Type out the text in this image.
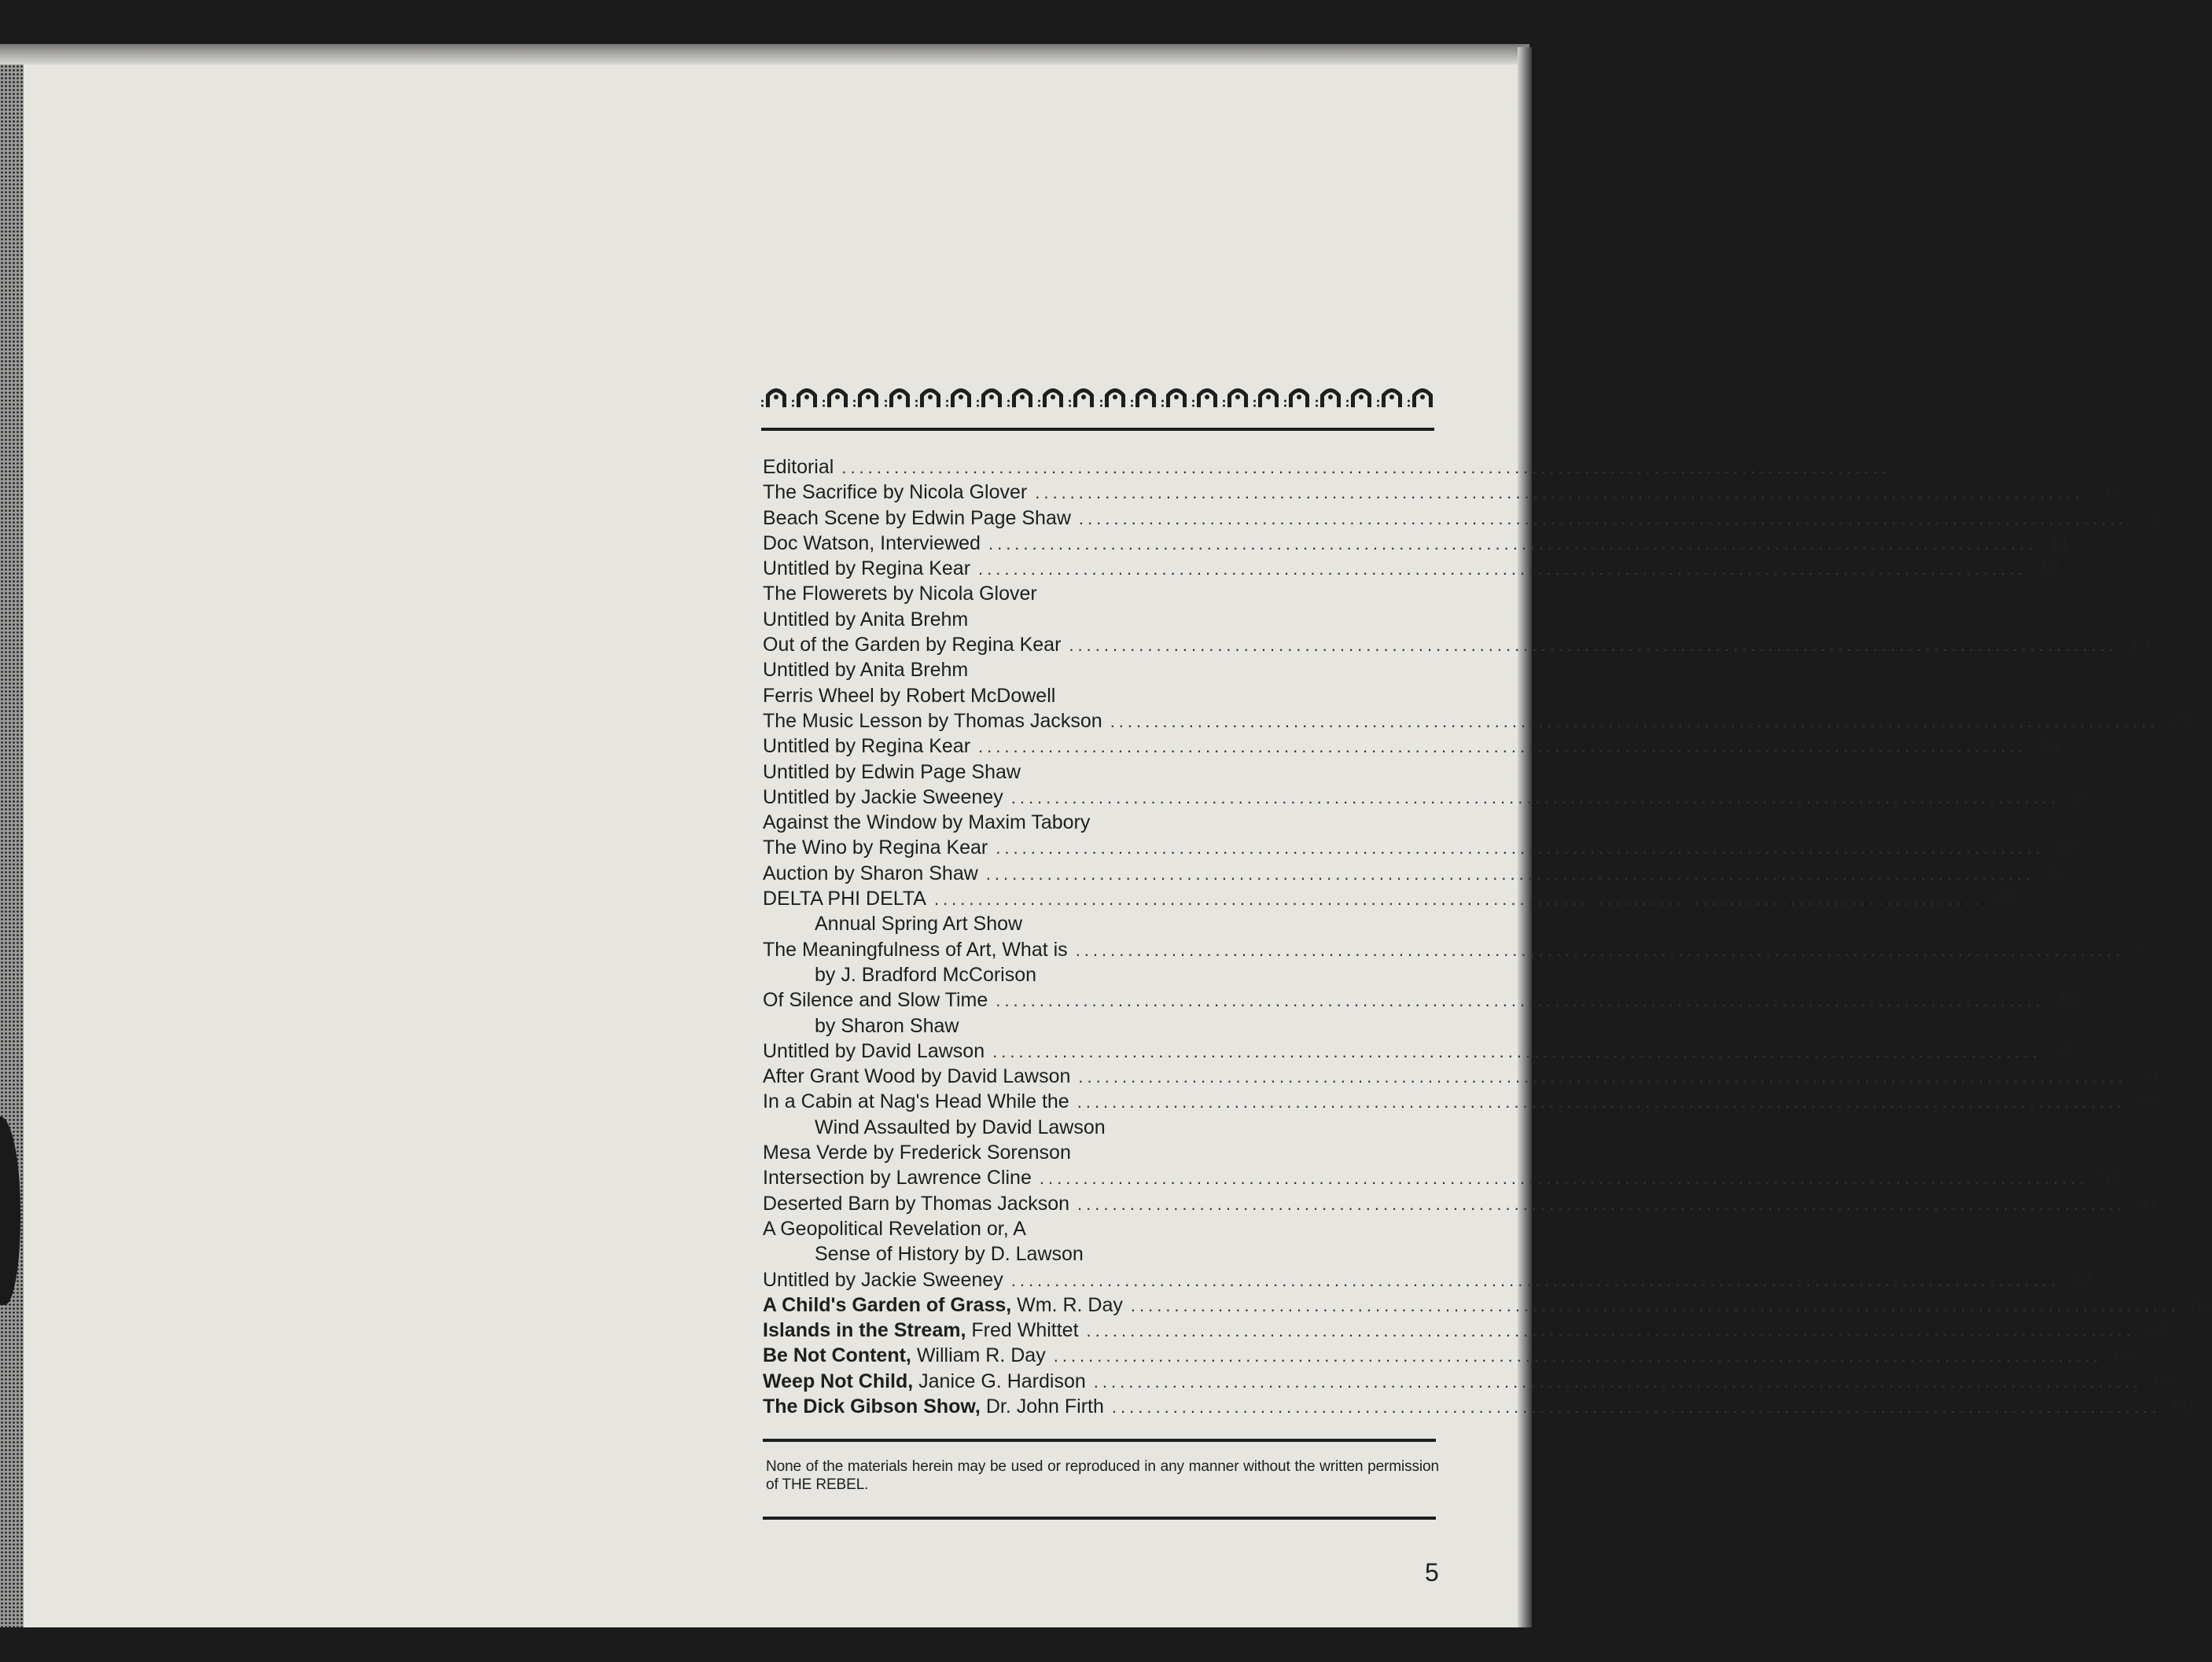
Editorial ........................................................................................................................	7
The Sacrifice by Nicola Glover ........................................................................................................................	8
Beach Scene by Edwin Page Shaw ........................................................................................................................	9
Doc Watson, Interviewed ........................................................................................................................ 11
Untitled by Regina Kear ........................................................................................................................ 18
The Flowerets by Nicola Glover
Untitled by Anita Brehm
Out of the Garden by Regina Kear ........................................................................................................................ 19
Untitled by Anita Brehm
Ferris Wheel by Robert McDowell
The Music Lesson by Thomas Jackson ........................................................................................................................ 21
Untitled by Regina Kear ........................................................................................................................ 24
Untitled by Edwin Page Shaw
Untitled by Jackie Sweeney ........................................................................................................................ 25
Against the Window by Maxim Tabory
The Wino by Regina Kear ........................................................................................................................ 26
Auction by Sharon Shaw ........................................................................................................................ 27
DELTA PHI DELTA ........................................................................................................................ 28
Annual Spring Art Show
The Meaningfulness of Art, What is ........................................................................................................................ 45
by J. Bradford McCorison
Of Silence and Slow Time ........................................................................................................................ 48
by Sharon Shaw
Untitled by David Lawson ........................................................................................................................ 53
After Grant Wood by David Lawson ........................................................................................................................ 54
In a Cabin at Nag's Head While the ........................................................................................................................ 55
Wind Assaulted by David Lawson
Mesa Verde by Frederick Sorenson
Intersection by Lawrence Cline ........................................................................................................................ 57
Deserted Barn by Thomas Jackson ........................................................................................................................ 61
A Geopolitical Revelation or, A
Sense of History by D. Lawson
Untitled by Jackie Sweeney ........................................................................................................................ 62
A Child's Garden of Grass, Wm. R. Day ........................................................................................................................ 63
Islands in the Stream, Fred Whittet ........................................................................................................................ 64
Be Not Content, William R. Day ........................................................................................................................ 66
Weep Not Child, Janice G. Hardison ........................................................................................................................ 68
The Dick Gibson Show, Dr. John Firth ........................................................................................................................ 69
None of the materials herein may be used or reproduced in any manner without the written permission of THE REBEL.
5
